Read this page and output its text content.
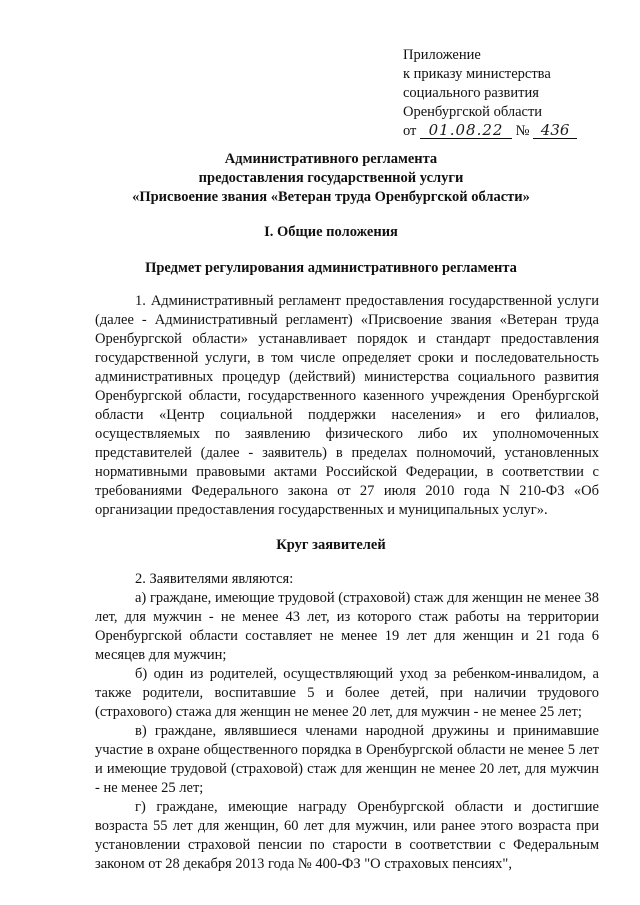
Приложение
к приказу министерства
социального развития
Оренбургской области
от 01.08.22 № 436
Административного регламента
предоставления государственной услуги
«Присвоение звания «Ветеран труда Оренбургской области»
I. Общие положения
Предмет регулирования административного регламента
1. Административный регламент предоставления государственной услуги (далее - Административный регламент) «Присвоение звания «Ветеран труда Оренбургской области» устанавливает порядок и стандарт предоставления государственной услуги, в том числе определяет сроки и последовательность административных процедур (действий) министерства социального развития Оренбургской области, государственного казенного учреждения Оренбургской области «Центр социальной поддержки населения» и его филиалов, осуществляемых по заявлению физического либо их уполномоченных представителей (далее - заявитель) в пределах полномочий, установленных нормативными правовыми актами Российской Федерации, в соответствии с требованиями Федерального закона от 27 июля 2010 года N 210-ФЗ «Об организации предоставления государственных и муниципальных услуг».
Круг заявителей
2. Заявителями являются:
а) граждане, имеющие трудовой (страховой) стаж для женщин не менее 38 лет, для мужчин - не менее 43 лет, из которого стаж работы на территории Оренбургской области составляет не менее 19 лет для женщин и 21 года 6 месяцев для мужчин;
б) один из родителей, осуществляющий уход за ребенком-инвалидом, а также родители, воспитавшие 5 и более детей, при наличии трудового (страхового) стажа для женщин не менее 20 лет, для мужчин - не менее 25 лет;
в) граждане, являвшиеся членами народной дружины и принимавшие участие в охране общественного порядка в Оренбургской области не менее 5 лет и имеющие трудовой (страховой) стаж для женщин не менее 20 лет, для мужчин - не менее 25 лет;
г) граждане, имеющие награду Оренбургской области и достигшие возраста 55 лет для женщин, 60 лет для мужчин, или ранее этого возраста при установлении страховой пенсии по старости в соответствии с Федеральным законом от 28 декабря 2013 года № 400-ФЗ "О страховых пенсиях",
